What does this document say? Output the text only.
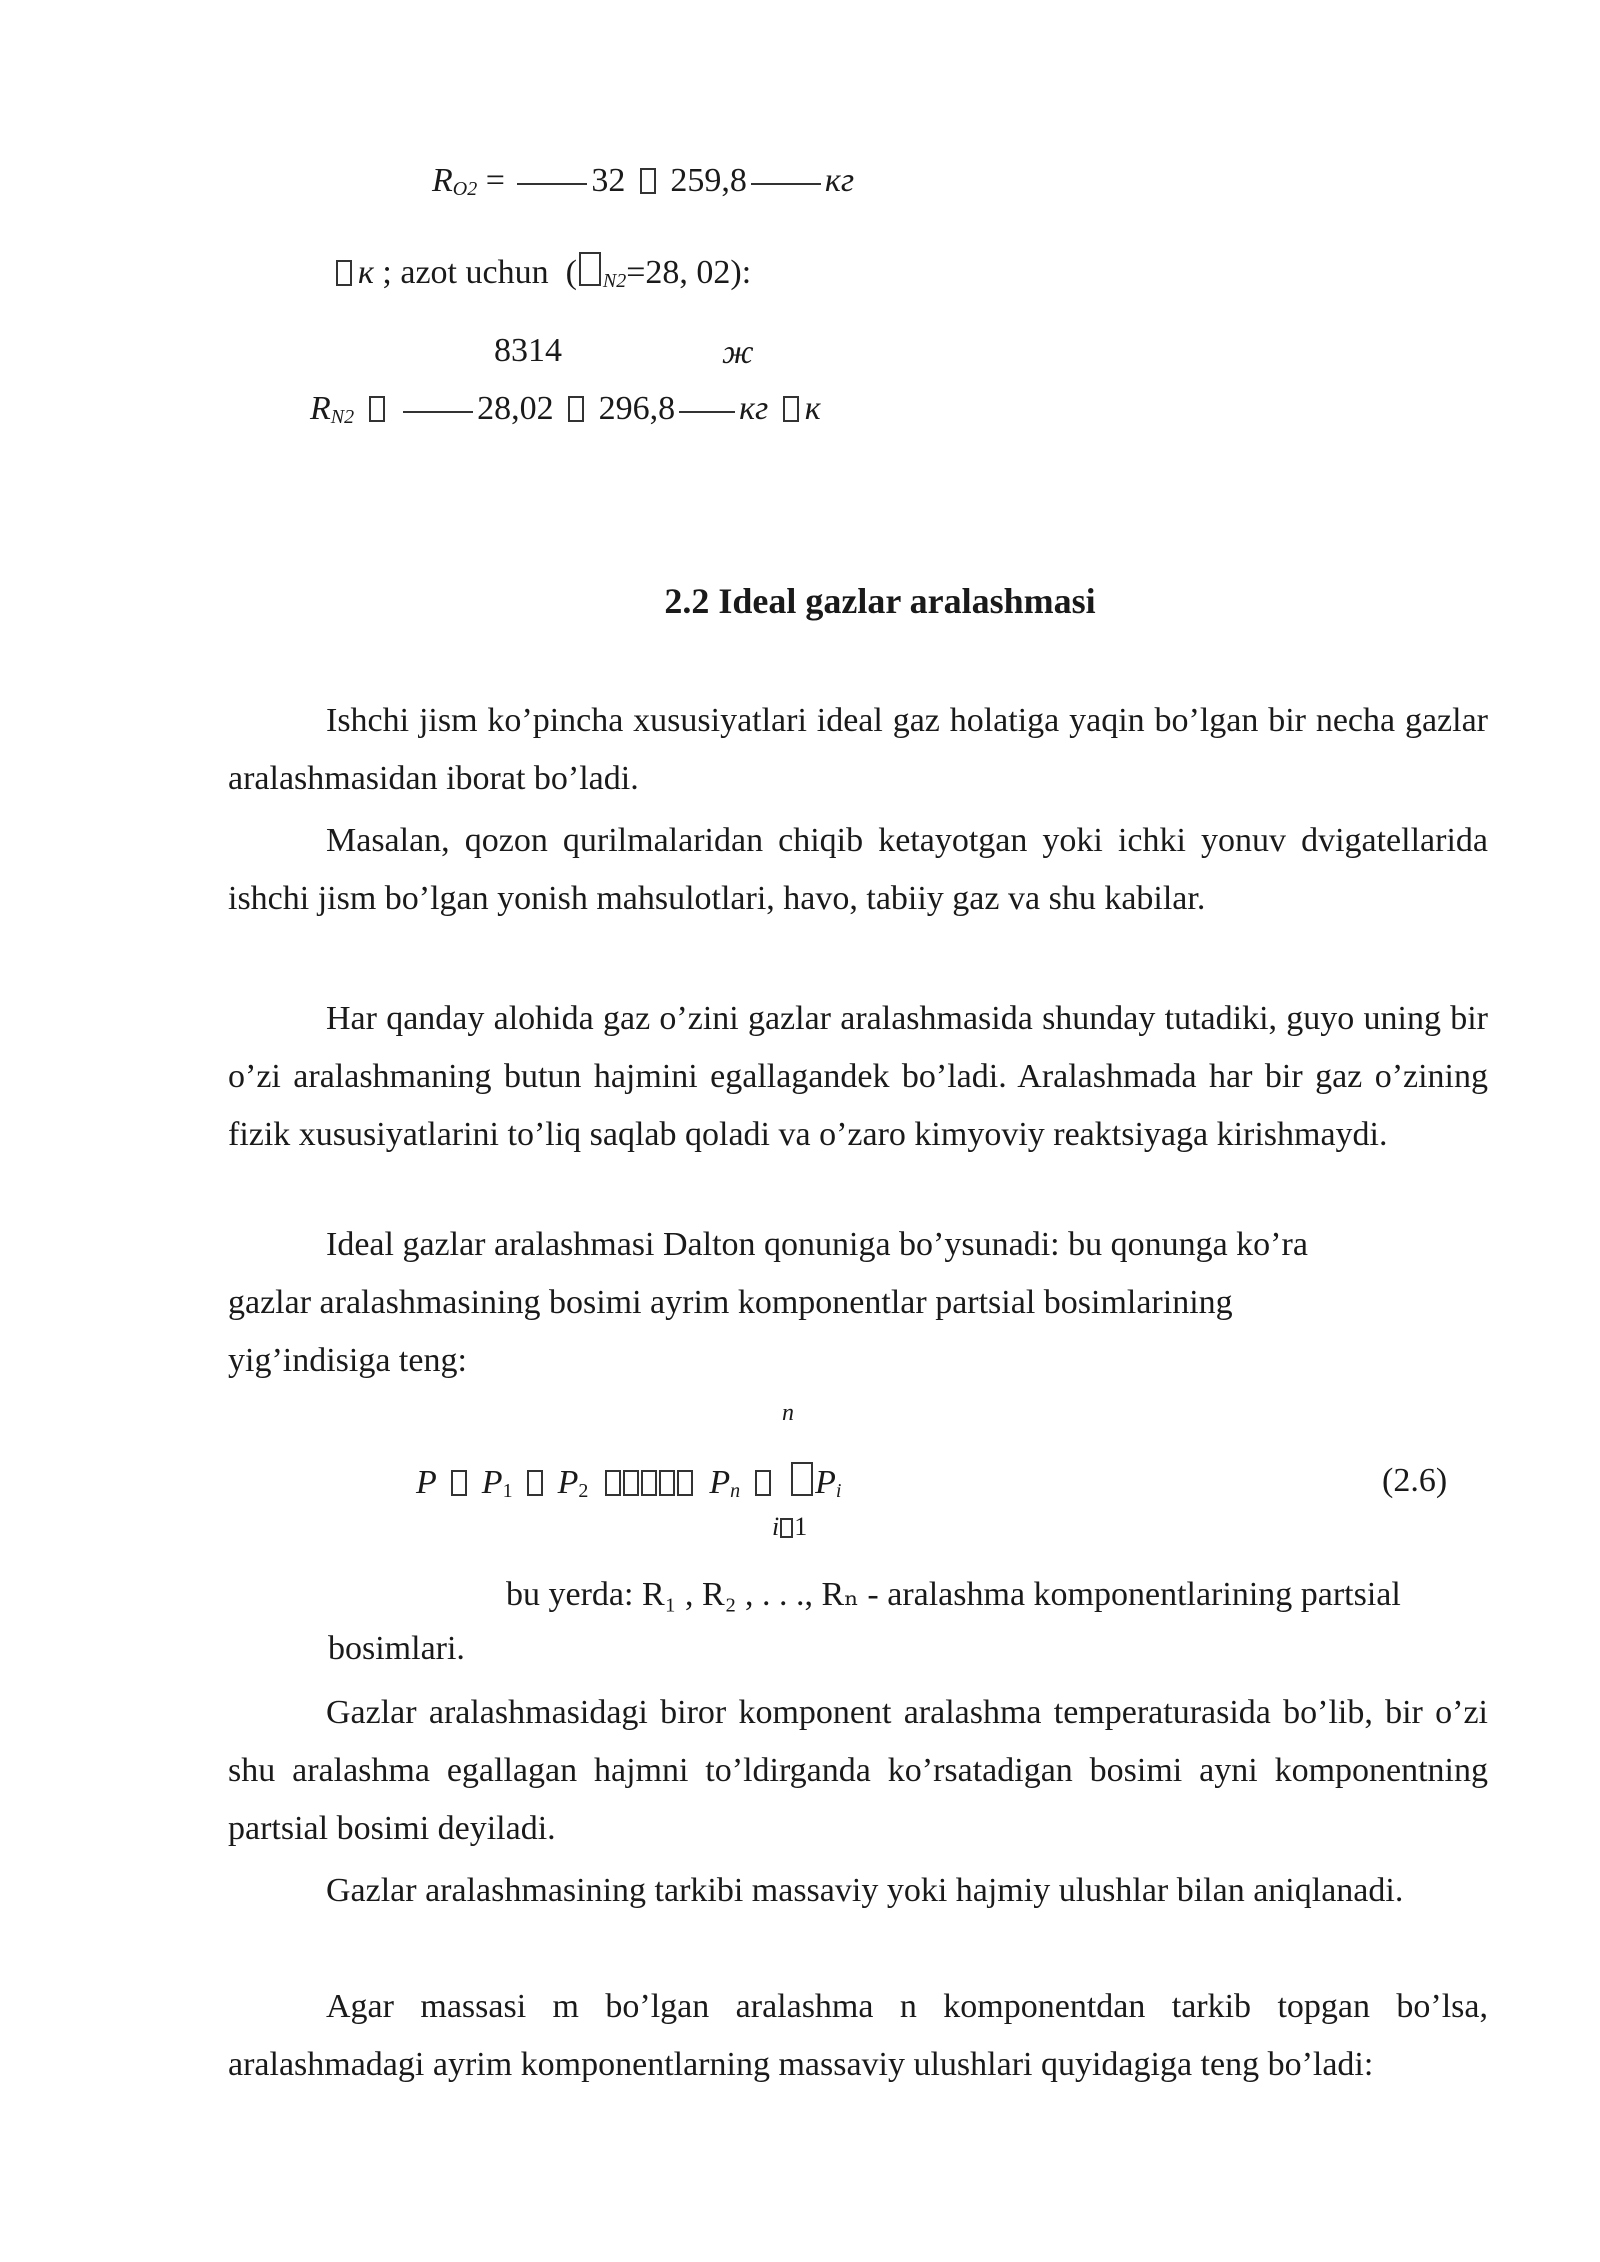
$R_{O2}$ =	32 259,8 кг
к ; azot uchun ( $_{N2}$=28, 02):
8314	ж
$R_{N2}$	28,02 296,8 кг к
2.2 Ideal gazlar aralashmasi
Ishchi jism ko’pincha xususiyatlari ideal gaz holatiga yaqin bo’lgan bir necha gazlar aralashmasidan iborat bo’ladi.
Masalan, qozon qurilmalaridan chiqib ketayotgan yoki ichki yonuv dvigatellarida ishchi jism bo’lgan yonish mahsulotlari, havo, tabiiy gaz va shu kabilar.
Har qanday alohida gaz o’zini gazlar aralashmasida shunday tutadiki, guyo uning bir o’zi aralashmaning butun hajmini egallagandek bo’ladi. Aralashmada har bir gaz o’zining fizik xususiyatlarini to’liq saqlab qoladi va o’zaro kimyoviy reaktsiyaga kirishmaydi.
Ideal gazlar aralashmasi Dalton qonuniga bo’ysunadi: bu qonunga ko’ra
gazlar aralashmasining bosimi ayrim komponentlar partsial bosimlarining
yig’indisiga teng:
n
P $P_1$ $P_2$	$P_n$ $P_i$	(2.6)
i 1
bu yerda: R₁ , R₂ , . . ., Rₙ - aralashma komponentlarining partsial
bosimlari.
Gazlar aralashmasidagi biror komponent aralashma temperaturasida bo’lib, bir o’zi shu aralashma egallagan hajmni to’ldirganda ko’rsatadigan bosimi ayni komponentning partsial bosimi deyiladi.
Gazlar aralashmasining tarkibi massaviy yoki hajmiy ulushlar bilan aniqlanadi.
Agar massasi m bo’lgan aralashma n komponentdan tarkib topgan bo’lsa, aralashmadagi ayrim komponentlarning massaviy ulushlari quyidagiga teng bo’ladi:
